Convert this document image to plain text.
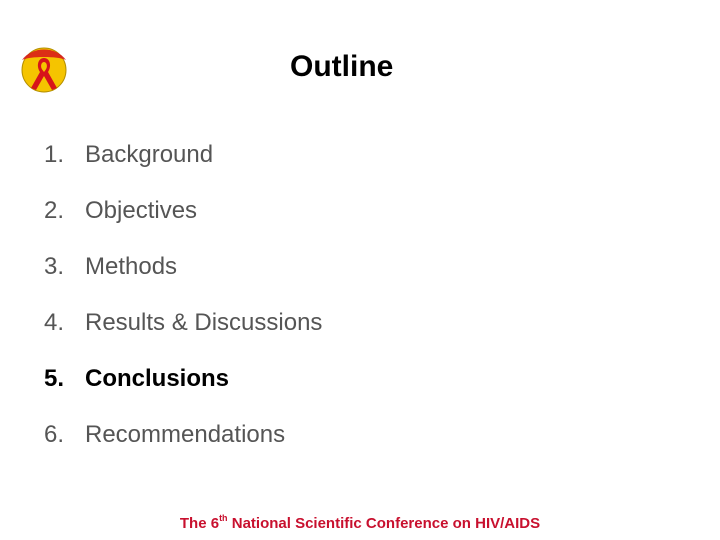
Outline
1. Background
2. Objectives
3. Methods
4. Results & Discussions
5. Conclusions
6. Recommendations
The 6th National Scientific Conference on HIV/AIDS
